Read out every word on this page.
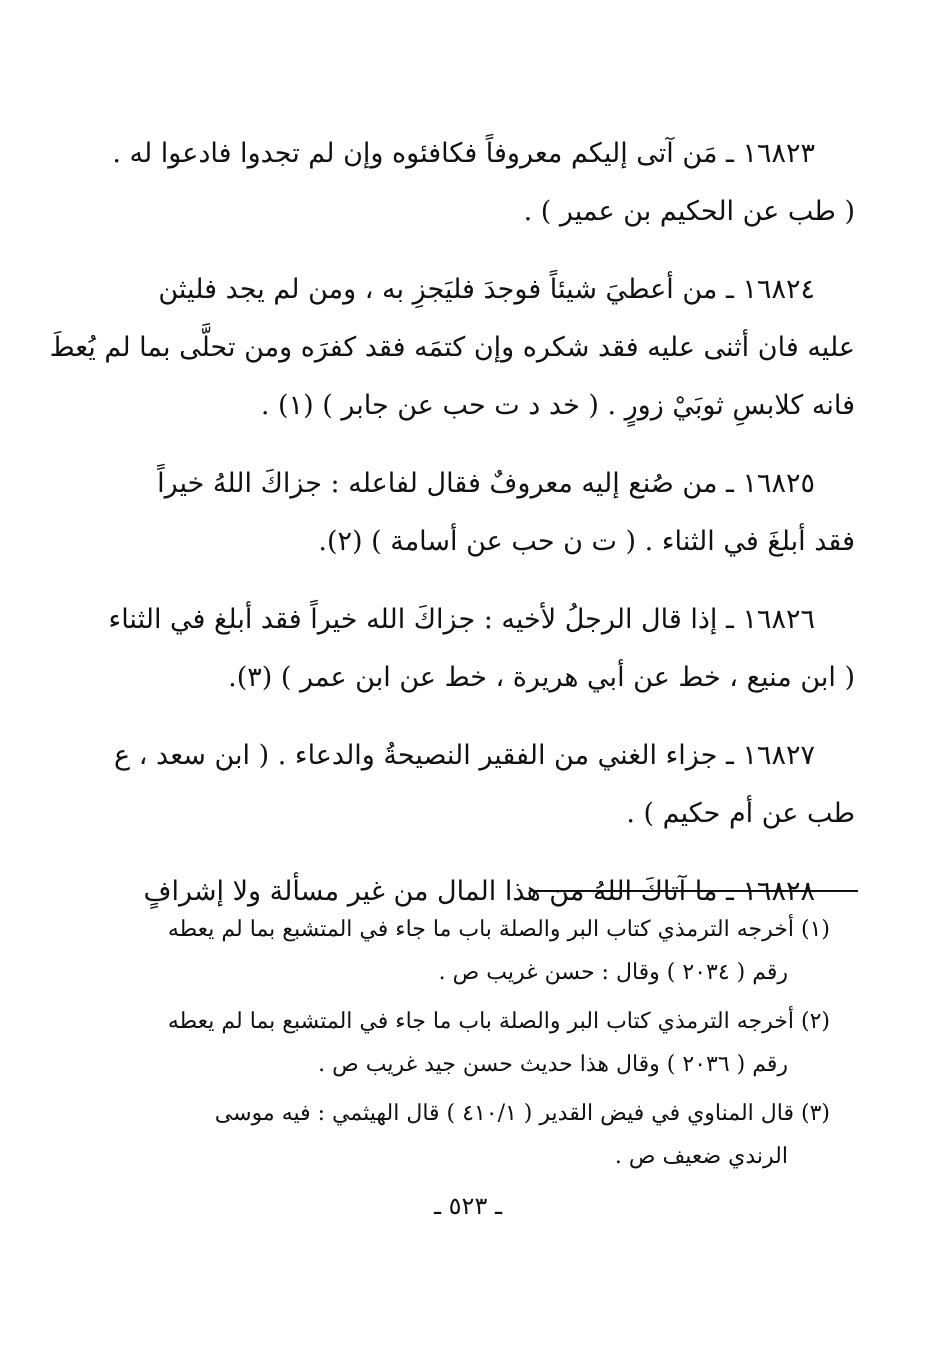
١٦٨٢٣ ـ مَن آتى إليكم معروفاً فكافئوه وإن لم تجدوا فادعوا له .
( طب عن الحكيم بن عمير ) .
١٦٨٢٤ ـ من أعطيَ شيئاً فوجدَ فليَجزِ به ، ومن لم يجد فليثن
عليه فان أثنى عليه فقد شكره وإن كتمَه فقد كفرَه ومن تحلَّى بما لم يُعطَ
فانه كلابسِ ثوبَيْ زورٍ . ( خد د ت حب عن جابر ) (١) .
١٦٨٢٥ ـ من صُنع إليه معروفٌ فقال لفاعله : جزاكَ اللهُ خيراً
فقد أبلغَ في الثناء . ( ت ن حب عن أسامة ) (٢).
١٦٨٢٦ ـ إذا قال الرجلُ لأخيه : جزاكَ الله خيراً فقد أبلغ في الثناء
( ابن منيع ، خط عن أبي هريرة ، خط عن ابن عمر ) (٣).
١٦٨٢٧ ـ جزاء الغني من الفقير النصيحةُ والدعاء . ( ابن سعد ، ع
طب عن أم حكيم ) .
١٦٨٢٨ ـ ما آتاكَ اللهُ من هذا المال من غير مسألة ولا إشرافٍ
(١) أخرجه الترمذي كتاب البر والصلة باب ما جاء في المتشبع بما لم يعطه
رقم ( ٢٠٣٤ ) وقال : حسن غريب ص .
(٢) أخرجه الترمذي كتاب البر والصلة باب ما جاء في المتشبع بما لم يعطه
رقم ( ٢٠٣٦ ) وقال هذا حديث حسن جيد غريب ص .
(٣) قال المناوي في فيض القدير ( ٤١٠/١ ) قال الهيثمي : فيه موسى
الرندي ضعيف ص .
ـ ٥٢٣ ـ
